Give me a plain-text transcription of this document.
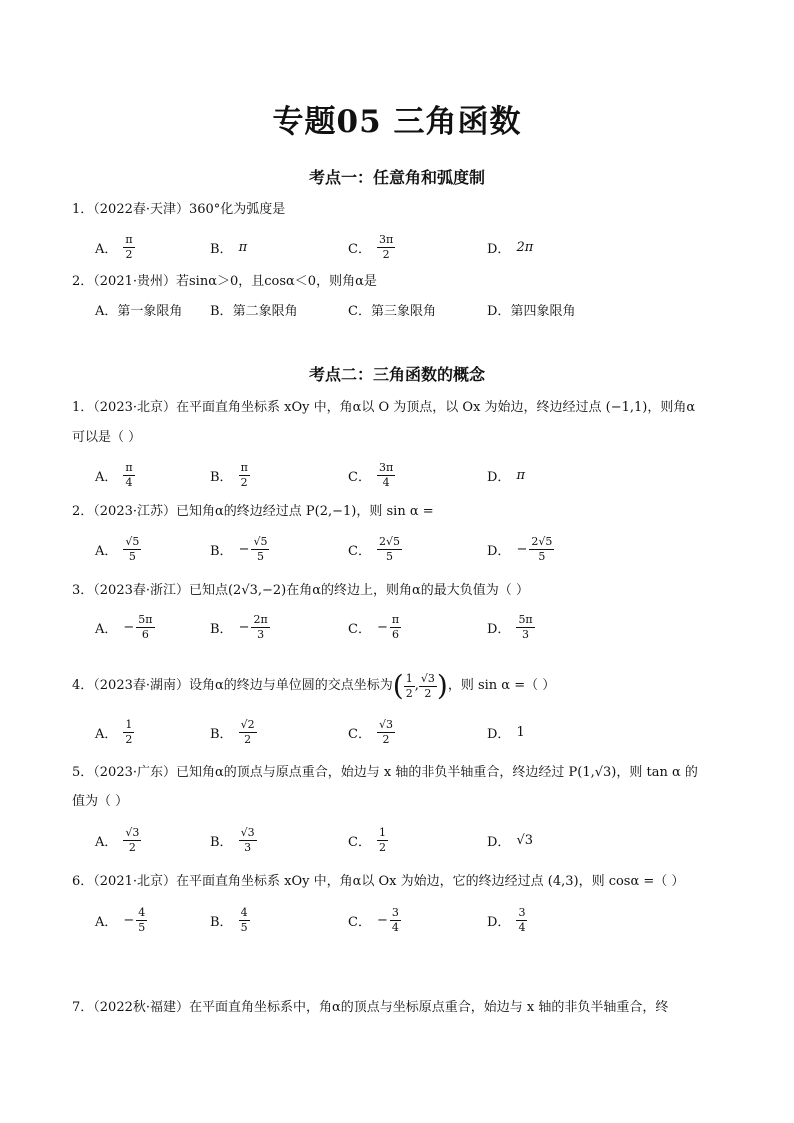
专题05 三角函数
考点一：任意角和弧度制
1．（2022春·天津）360°化为弧度是
A． $\frac{\pi}{2}$	B． π	C． $\frac{3\pi}{2}$	D． 2π
2．（2021·贵州）若sinα＞0，且cosα＜0，则角α是
A．第一象限角 B．第二象限角	C．第三象限角	D．第四象限角
考点二：三角函数的概念
1．（2023·北京）在平面直角坐标系 xOy 中，角α以 O 为顶点，以 Ox 为始边，终边经过点 (−1,1)，则角α
可以是（ ）
A． $\frac{\pi}{4}$	B． $\frac{\pi}{2}$	C． $\frac{3\pi}{4}$	D． π
2．（2023·江苏）已知角α的终边经过点 P(2,−1)，则 sin α =
A． $\frac{√5}{5}$	B． − $\frac{√5}{5}$	C． $\frac{2√5}{5}$	D． − $\frac{2√5}{5}$
3．（2023春·浙江）已知点(2√3,−2)在角α的终边上，则角α的最大负值为（ ）
A． − $\frac{5\pi}{6}$	B． − $\frac{2\pi}{3}$	C． − $\frac{\pi}{6}$	D． $\frac{5\pi}{3}$
4．（2023春·湖南）设角α的终边与单位圆的交点坐标为 ( $\frac{1}{2}$ , $\frac{√3}{2}$ ) ，则 sin α =（ ）
A． $\frac{1}{2}$	B． $\frac{√2}{2}$	C． $\frac{√3}{2}$	D． 1
5．（2023·广东）已知角α的顶点与原点重合，始边与 x 轴的非负半轴重合，终边经过 P(1,√3)，则 tan α 的
值为（ ）
A． $\frac{√3}{2}$	B． $\frac{√3}{3}$	C． $\frac{1}{2}$	D． √3
6．（2021·北京）在平面直角坐标系 xOy 中，角α以 Ox 为始边，它的终边经过点 (4,3)，则 cosα =（ ）
A． − $\frac{4}{5}$	B． $\frac{4}{5}$	C． − $\frac{3}{4}$	D． $\frac{3}{4}$
7．（2022秋·福建）在平面直角坐标系中，角α的顶点与坐标原点重合，始边与 x 轴的非负半轴重合，终
